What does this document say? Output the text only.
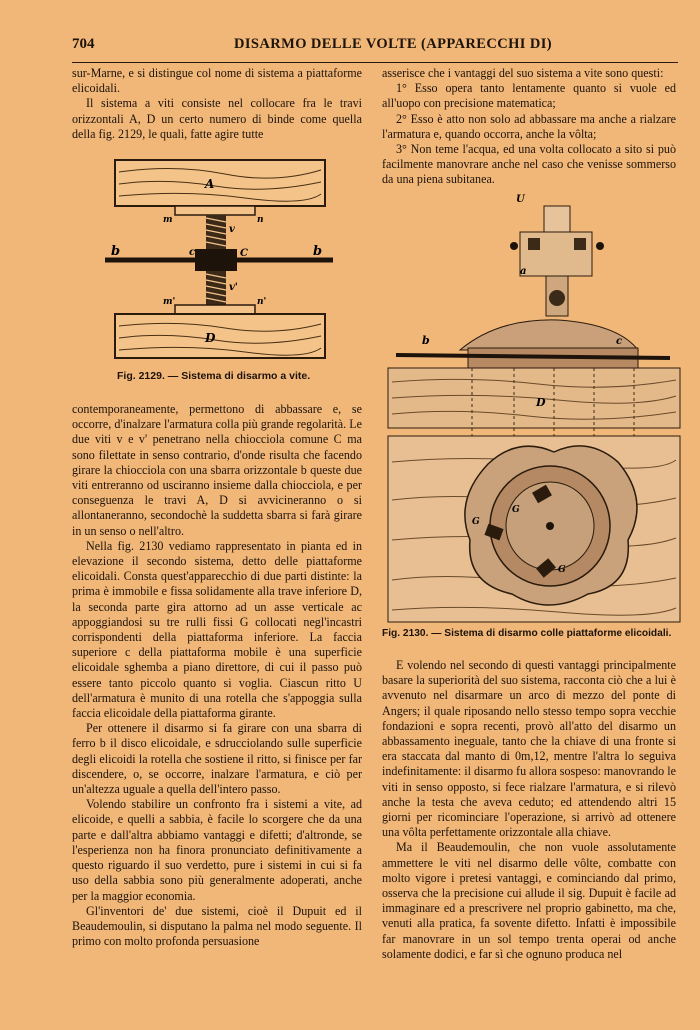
704	DISARMO DELLE VOLTE (APPARECCHI DI)

sur-Marne, e si distingue col nome di sistema a piattaforme elicoidali.

Il sistema a viti consiste nel collocare fra le travi orizzontali A, D un certo numero di binde come quella della fig. 2129, le quali, fatte agire tutte

A
b	c	C	b
v
v'
m	n
m'	n'
D
Fig. 2129. — Sistema di disarmo a vite.

contemporaneamente, permettono di abbassare e, se occorre, d'inalzare l'armatura colla più grande regolarità. Le due viti v e v' penetrano nella chiocciola comune C ma sono filettate in senso contrario, d'onde risulta che facendo girare la chiocciola con una sbarra orizzontale b queste due viti entreranno od usciranno insieme dalla chiocciola, e per conseguenza le travi A, D si avvicineranno o si allontaneranno, secondochè la suddetta sbarra si farà girare in un senso o nell'altro.

Nella fig. 2130 vediamo rappresentato in pianta ed in elevazione il secondo sistema, detto delle piattaforme elicoidali. Consta quest'apparecchio di due parti distinte: la prima è immobile e fissa solidamente alla trave inferiore D, la seconda parte gira attorno ad un asse verticale ac appoggiandosi su tre rulli fissi G collocati negl'incastri corrispondenti della piattaforma inferiore. La faccia superiore c della piattaforma mobile è una superficie elicoidale sghemba a piano direttore, di cui il passo può essere tanto piccolo quanto si voglia. Ciascun ritto U dell'armatura è munito di una rotella che s'appoggia sulla faccia elicoidale della piattaforma girante.

Per ottenere il disarmo si fa girare con una sbarra di ferro b il disco elicoidale, e sdrucciolando sulle superficie degli elicoidi la rotella che sostiene il ritto, si finisce per far discendere, o, se occorre, inalzare l'armatura, e ciò per un'altezza uguale a quella dell'intero passo.

Volendo stabilire un confronto fra i sistemi a vite, ad elicoide, e quelli a sabbia, è facile lo scorgere che da una parte e dall'altra abbiamo vantaggi e difetti; d'altronde, se l'esperienza non ha finora pronunciato definitivamente a questo riguardo il suo verdetto, pure i sistemi in cui si fa uso della sabbia sono più generalmente adoperati, anche per la maggior economia.

Gl'inventori de' due sistemi, cioè il Dupuit ed il Beaudemoulin, si disputano la palma nel modo seguente. Il primo con molto profonda persuasione

asserisce che i vantaggi del suo sistema a vite sono questi:

1° Esso opera tanto lentamente quanto si vuole ed all'uopo con precisione matematica;

2° Esso è atto non solo ad abbassare ma anche a rialzare l'armatura e, quando occorra, anche la vôlta;

3° Non teme l'acqua, ed una volta collocato a sito si può facilmente manovrare anche nel caso che venisse sommerso da una piena subitanea.

U
a
b	c
D
G
G
G
Fig. 2130. — Sistema di disarmo colle piattaforme elicoidali.

E volendo nel secondo di questi vantaggi principalmente basare la superiorità del suo sistema, racconta ciò che a lui è avvenuto nel disarmare un arco di mezzo del ponte di Angers; il quale riposando nello stesso tempo sopra vecchie fondazioni e sopra recenti, provò all'atto del disarmo un abbassamento ineguale, tanto che la chiave di una fronte si era staccata dal manto di 0m,12, mentre l'altra lo seguiva indefinitamente: il disarmo fu allora sospeso: manovrando le viti in senso opposto, si fece rialzare l'armatura, e si rilevò anche la testa che aveva ceduto; ed attendendo altri 15 giorni per ricominciare l'operazione, si arrivò ad ottenere una vôlta perfettamente orizzontale alla chiave.

Ma il Beaudemoulin, che non vuole assolutamente ammettere le viti nel disarmo delle vôlte, combatte con molto vigore i pretesi vantaggi, e cominciando dal primo, osserva che la precisione cui allude il sig. Dupuit è facile ad immaginare ed a prescrivere nel proprio gabinetto, ma che, venuti alla pratica, fa sovente difetto. Infatti è impossibile far manovrare in un sol tempo trenta operai od anche solamente dodici, e far sì che ognuno produca nel
